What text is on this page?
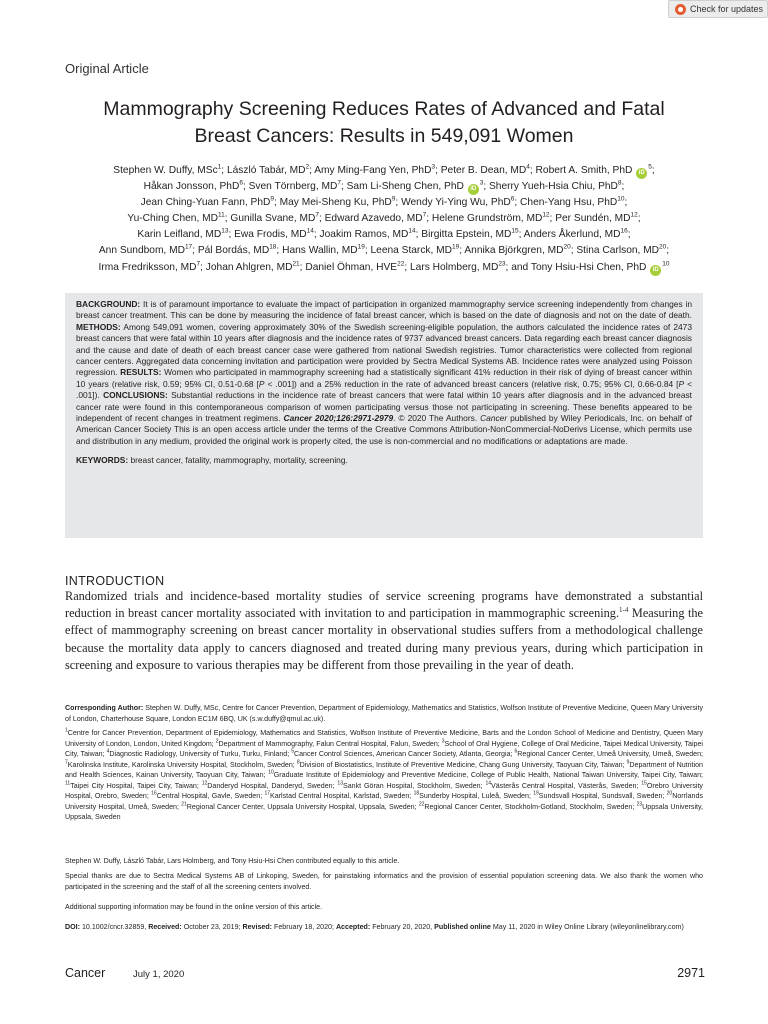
Check for updates
Original Article
Mammography Screening Reduces Rates of Advanced and Fatal
Breast Cancers: Results in 549,091 Women
Stephen W. Duffy, MSc$^1$; László Tabár, $MD^2$; Amy Ming-Fang Yen, PhD$^3$; Peter B. Dean, $MD^4$; Robert A. Smith, PhD $iD^5$;
Håkan Jonsson, PhD$^6$; Sven Törnberg, $MD^7$; Sam Li-Sheng Chen, PhD $iD^3$; Sherry Yueh-Hsia Chiu, PhD$^8$;
Jean Ching-Yuan Fann, PhD$^9$; May Mei-Sheng Ku, PhD$^9$; Wendy Yi-Ying Wu, PhD$^6$; Chen-Yang Hsu, PhD$^{10}$;
Yu-Ching Chen, MD$^{11}$; Gunilla Svane, $MD^7$; Edward Azavedo, $MD^7$; Helene Grundström, MD$^{12}$; Per Sundén, MD$^{12}$;
Karin Leifland, MD$^{13}$; Ewa Frodis, MD$^{14}$; Joakim Ramos, MD$^{14}$; Birgitta Epstein, MD$^{15}$; Anders Åkerlund, MD$^{16}$;
Ann Sundbom, MD$^{17}$; Pál Bordás, MD$^{18}$; Hans Wallin, MD$^{19}$; Leena Starck, MD$^{19}$; Annika Björkgren, MD$^{20}$; Stina Carlson, MD$^{20}$;
Irma Fredriksson, $MD^7$; Johan Ahlgren, MD$^{21}$; Daniel Öhman, HVE$^{22}$; Lars Holmberg, MD$^{23}$; and Tony Hsiu-Hsi Chen, PhD $iD^{10}$

BACKGROUND: It is of paramount importance to evaluate the impact of participation in organized mammography service screening independently from changes in breast cancer treatment. This can be done by measuring the incidence of fatal breast cancer, which is based on the date of diagnosis and not on the date of death. METHODS: Among 549,091 women, covering approximately 30% of the Swedish screening-eligible population, the authors calculated the incidence rates of 2473 breast cancers that were fatal within 10 years after diagnosis and the incidence rates of 9737 advanced breast cancers. Data regarding each breast cancer diagnosis and the cause and date of death of each breast cancer case were gathered from national Swedish registries. Tumor characteristics were collected from regional cancer centers. Aggregated data concerning invitation and participation were provided by Sectra Medical Systems AB. Incidence rates were analyzed using Poisson regression. RESULTS: Women who participated in mammography screening had a statistically significant 41% reduction in their risk of dying of breast cancer within 10 years (relative risk, 0.59; 95% CI, 0.51-0.68 [P < .001]) and a 25% reduction in the rate of advanced breast cancers (relative risk, 0.75; 95% CI, 0.66-0.84 [P < .001]). CONCLUSIONS: Substantial reductions in the incidence rate of breast cancers that were fatal within 10 years after diagnosis and in the advanced breast cancer rate were found in this contemporaneous comparison of women participating versus those not participating in screening. These benefits appeared to be independent of recent changes in treatment regimens. Cancer 2020;126:2971-2979. © 2020 The Authors. Cancer published by Wiley Periodicals, Inc. on behalf of American Cancer Society This is an open access article under the terms of the Creative Commons Attribution-NonCommercial-NoDerivs License, which permits use and distribution in any medium, provided the original work is properly cited, the use is non-commercial and no modifications or adaptations are made.

KEYWORDS: breast cancer, fatality, mammography, mortality, screening.

INTRODUCTION
Randomized trials and incidence-based mortality studies of service screening programs have demonstrated a substantial reduction in breast cancer mortality associated with invitation to and participation in mammographic screening.$^{1-4}$ Measuring the effect of mammography screening on breast cancer mortality in observational studies suffers from a methodological challenge because the mortality data apply to cancers diagnosed and treated during many previous years, during which participation in screening and exposure to various therapies may be different from those prevailing in the year of death.
Corresponding Author: Stephen W. Duffy, MSc, Centre for Cancer Prevention, Department of Epidemiology, Mathematics and Statistics, Wolfson Institute of Preventive Medicine, Queen Mary University of London, Charterhouse Square, London EC1M 6BQ, UK (s.w.duffy@qmul.ac.uk).
$^1$Centre for Cancer Prevention, Department of Epidemiology, Mathematics and Statistics, Wolfson Institute of Preventive Medicine, Barts and the London School of Medicine and Dentistry, Queen Mary University of London, London, United Kingdom; $^2$Department of Mammography, Falun Central Hospital, Falun, Sweden; $^3$School of Oral Hygiene, College of Oral Medicine, Taipei Medical University, Taipei City, Taiwan; $^4$Diagnostic Radiology, University of Turku, Turku, Finland; $^5$Cancer Control Sciences, American Cancer Society, Atlanta, Georgia; $^6$Regional Cancer Center, Umeå University, Umeå, Sweden; $^7$Karolinska Institute, Karolinska University Hospital, Stockholm, Sweden; $^8$Division of Biostatistics, Institute of Preventive Medicine, Chang Gung University, Taoyuan City, Taiwan; $^9$Department of Nutrition and Health Sciences, Kainan University, Taoyuan City, Taiwan; $^{10}$Graduate Institute of Epidemiology and Preventive Medicine, College of Public Health, National Taiwan University, Taipei City, Taiwan; $^{11}$Taipei City Hospital, Taipei City, Taiwan; $^{12}$Danderyd Hospital, Danderyd, Sweden; $^{13}$Sankt Göran Hospital, Stockholm, Sweden; $^{14}$Västerås Central Hospital, Västerås, Sweden; $^{15}$Orebro University Hospital, Orebro, Sweden; $^{16}$Central Hospital, Gavle, Sweden; $^{17}$Karlstad Central Hospital, Karlstad, Sweden; $^{18}$Sunderby Hospital, Luleå, Sweden; $^{19}$Sundsvall Hospital, Sundsvall, Sweden; $^{20}$Norrlands University Hospital, Umeå, Sweden; $^{21}$Regional Cancer Center, Uppsala University Hospital, Uppsala, Sweden; $^{22}$Regional Cancer Center, Stockholm-Gotland, Stockholm, Sweden; $^{23}$Uppsala University, Uppsala, Sweden
Stephen W. Duffy, László Tabár, Lars Holmberg, and Tony Hsiu-Hsi Chen contributed equally to this article.
Special thanks are due to Sectra Medical Systems AB of Linkoping, Sweden, for painstaking informatics and the provision of essential population screening data. We also thank the women who participated in the screening and the staff of all the screening centers involved.
Additional supporting information may be found in the online version of this article.
DOI: 10.1002/cncr.32859, Received: October 23, 2019; Revised: February 18, 2020; Accepted: February 20, 2020, Published online May 11, 2020 in Wiley Online Library (wileyonlinelibrary.com)
Cancer	July 1, 2020	2971
